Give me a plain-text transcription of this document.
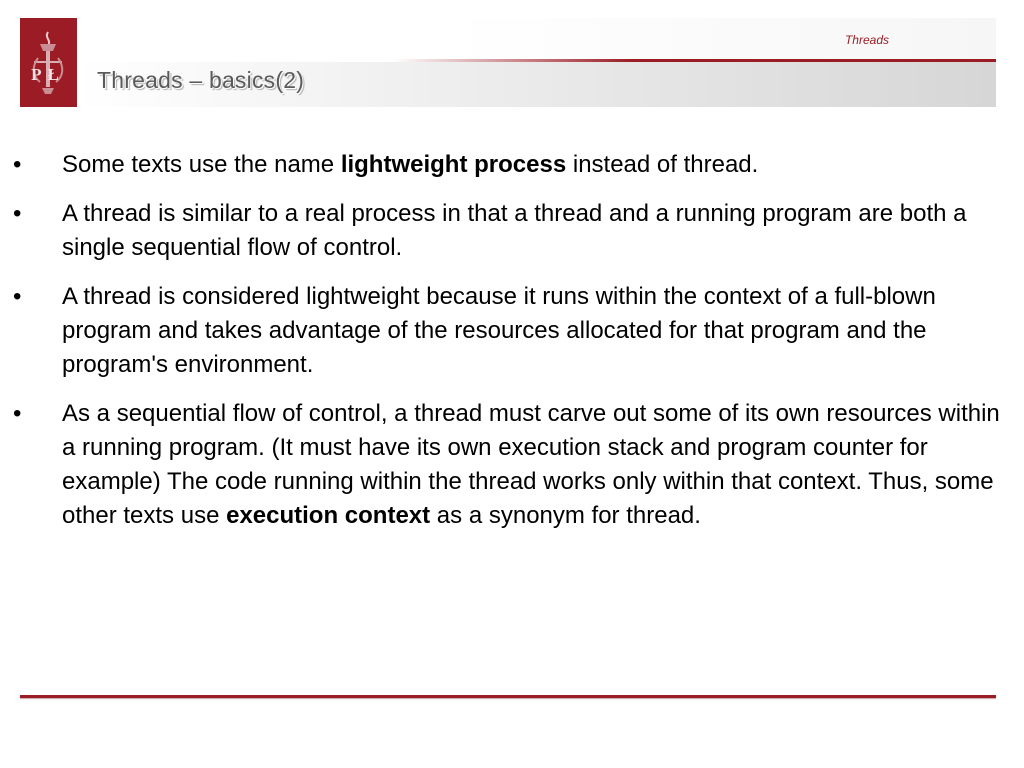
PŁ
Threads
Threads – basics(2)
• Some texts use the name lightweight process instead of thread.
• A thread is similar to a real process in that a thread and a running program are both a single sequential flow of control.
• A thread is considered lightweight because it runs within the context of a full-blown program and takes advantage of the resources allocated for that program and the program's environment.
• As a sequential flow of control, a thread must carve out some of its own resources within a running program. (It must have its own execution stack and program counter for example) The code running within the thread works only within that context. Thus, some other texts use execution context as a synonym for thread.
